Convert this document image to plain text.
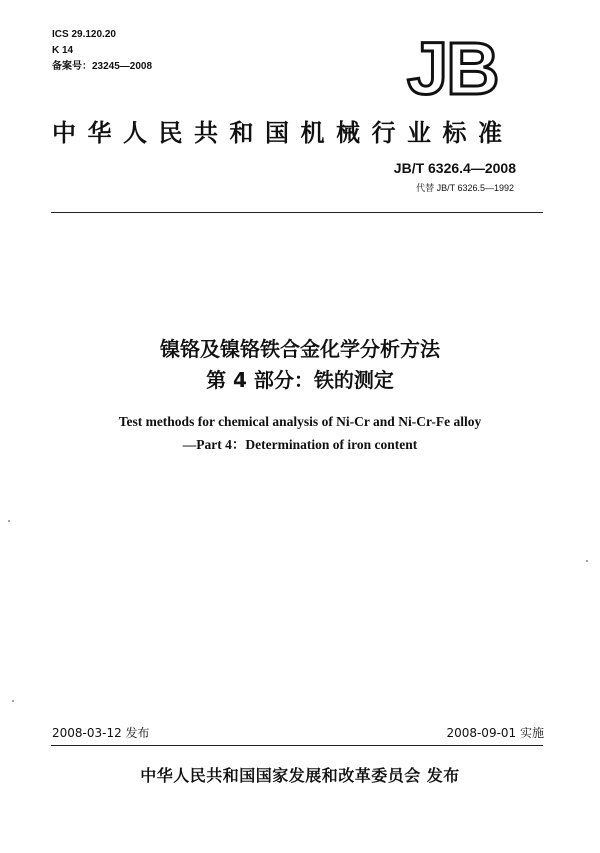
ICS 29.120.20
K 14
备案号：23245—2008	JB
中华人民共和国机械行业标准
JB/T 6326.4—2008
代替 JB/T 6326.5—1992
镍铬及镍铬铁合金化学分析方法
第 4 部分：铁的测定
Test methods for chemical analysis of Ni-Cr and Ni-Cr-Fe alloy
—Part 4：Determination of iron content
2008-03-12 发布	2008-09-01 实施
中华人民共和国国家发展和改革委员会 发布
